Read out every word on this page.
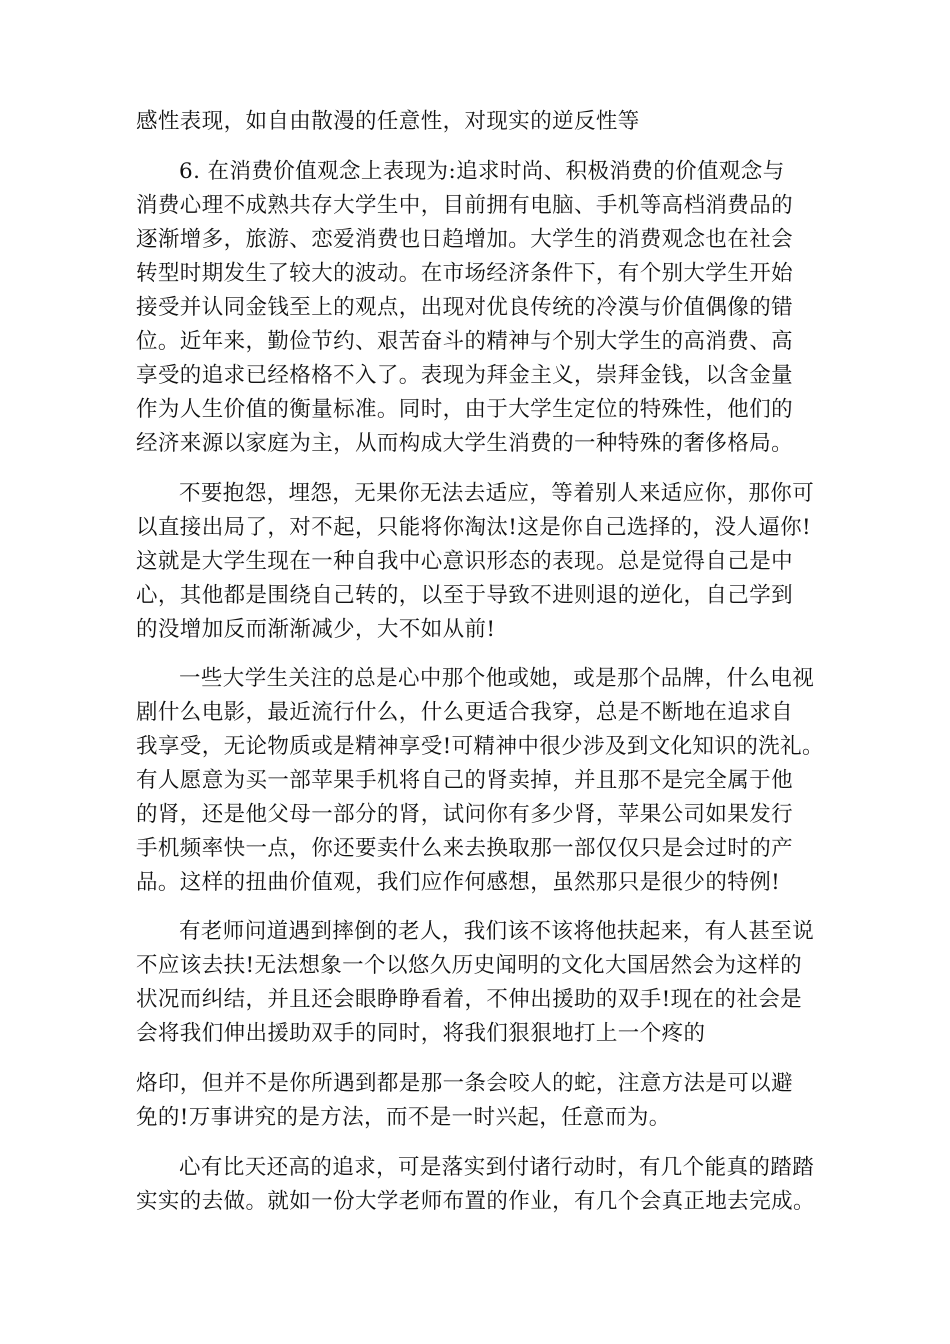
感性表现，如自由散漫的任意性，对现实的逆反性等
6. 在消费价值观念上表现为:追求时尚、积极消费的价值观念与
消费心理不成熟共存大学生中，目前拥有电脑、手机等高档消费品的
逐渐增多，旅游、恋爱消费也日趋增加。大学生的消费观念也在社会
转型时期发生了较大的波动。在市场经济条件下，有个别大学生开始
接受并认同金钱至上的观点，出现对优良传统的冷漠与价值偶像的错
位。近年来，勤俭节约、艰苦奋斗的精神与个别大学生的高消费、高
享受的追求已经格格不入了。表现为拜金主义，崇拜金钱，以含金量
作为人生价值的衡量标准。同时，由于大学生定位的特殊性，他们的
经济来源以家庭为主，从而构成大学生消费的一种特殊的奢侈格局。
不要抱怨，埋怨，无果你无法去适应，等着别人来适应你，那你可
以直接出局了，对不起，只能将你淘汰!这是你自己选择的，没人逼你!
这就是大学生现在一种自我中心意识形态的表现。总是觉得自己是中
心，其他都是围绕自己转的，以至于导致不进则退的逆化，自己学到
的没增加反而渐渐减少，大不如从前!
一些大学生关注的总是心中那个他或她，或是那个品牌，什么电视
剧什么电影，最近流行什么，什么更适合我穿，总是不断地在追求自
我享受，无论物质或是精神享受!可精神中很少涉及到文化知识的洗礼。
有人愿意为买一部苹果手机将自己的肾卖掉，并且那不是完全属于他
的肾，还是他父母一部分的肾，试问你有多少肾，苹果公司如果发行
手机频率快一点，你还要卖什么来去换取那一部仅仅只是会过时的产
品。这样的扭曲价值观，我们应作何感想，虽然那只是很少的特例!
有老师问道遇到摔倒的老人，我们该不该将他扶起来，有人甚至说
不应该去扶!无法想象一个以悠久历史闻明的文化大国居然会为这样的
状况而纠结，并且还会眼睁睁看着，不伸出援助的双手!现在的社会是
会将我们伸出援助双手的同时，将我们狠狠地打上一个疼的
烙印，但并不是你所遇到都是那一条会咬人的蛇，注意方法是可以避
免的!万事讲究的是方法，而不是一时兴起，任意而为。
心有比天还高的追求，可是落实到付诸行动时，有几个能真的踏踏
实实的去做。就如一份大学老师布置的作业，有几个会真正地去完成。
